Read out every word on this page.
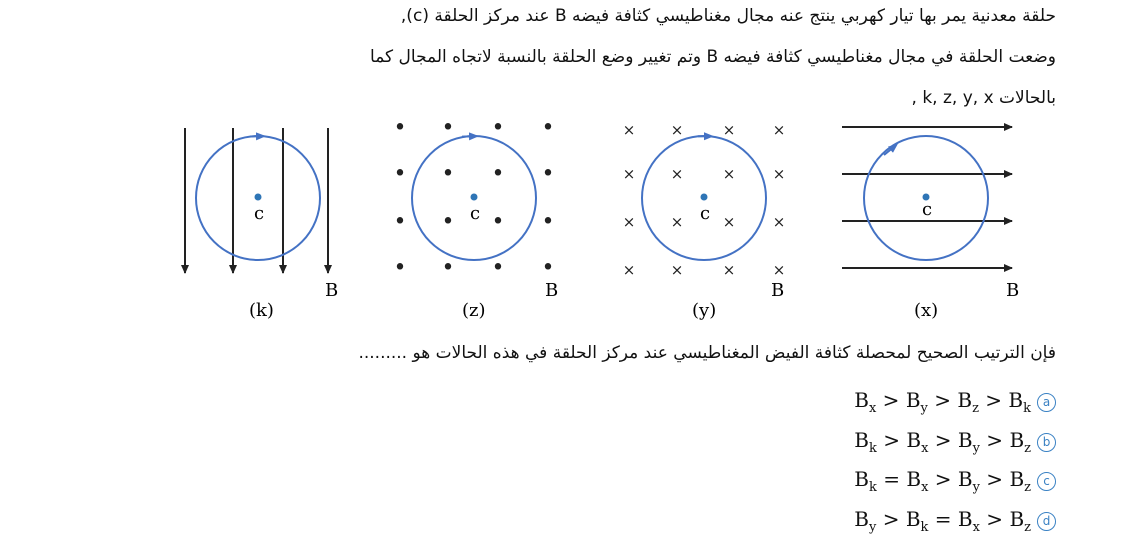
حلقة معدنية يمر بها تيار كهربي ينتج عنه مجال مغناطيسي كثافة فيضه B عند مركز الحلقة (c),
وضعت الحلقة في مجال مغناطيسي كثافة فيضه B وتم تغيير وضع الحلقة بالنسبة لاتجاه المجال كما
بالحالات k, z, y, x ,
c
B
(k)
•
•
•
•
•
•
•
•
•
•
•
•
•
•
•
•
c
B
(z)
×
×
×
×
×
×
×
×
×
×
×
×
×
×
×
×
c
B
(y)
c
B
(x)
فإن الترتيب الصحيح لمحصلة كثافة الفيض المغناطيسي عند مركز الحلقة في هذه الحالات هو .........
$B_x > B_y > B_z > B_k$ a
$B_k > B_x > B_y > B_z$ b
$B_k = B_x > B_y > B_z$	c
$B_y > B_k = B_x > B_z$ d
